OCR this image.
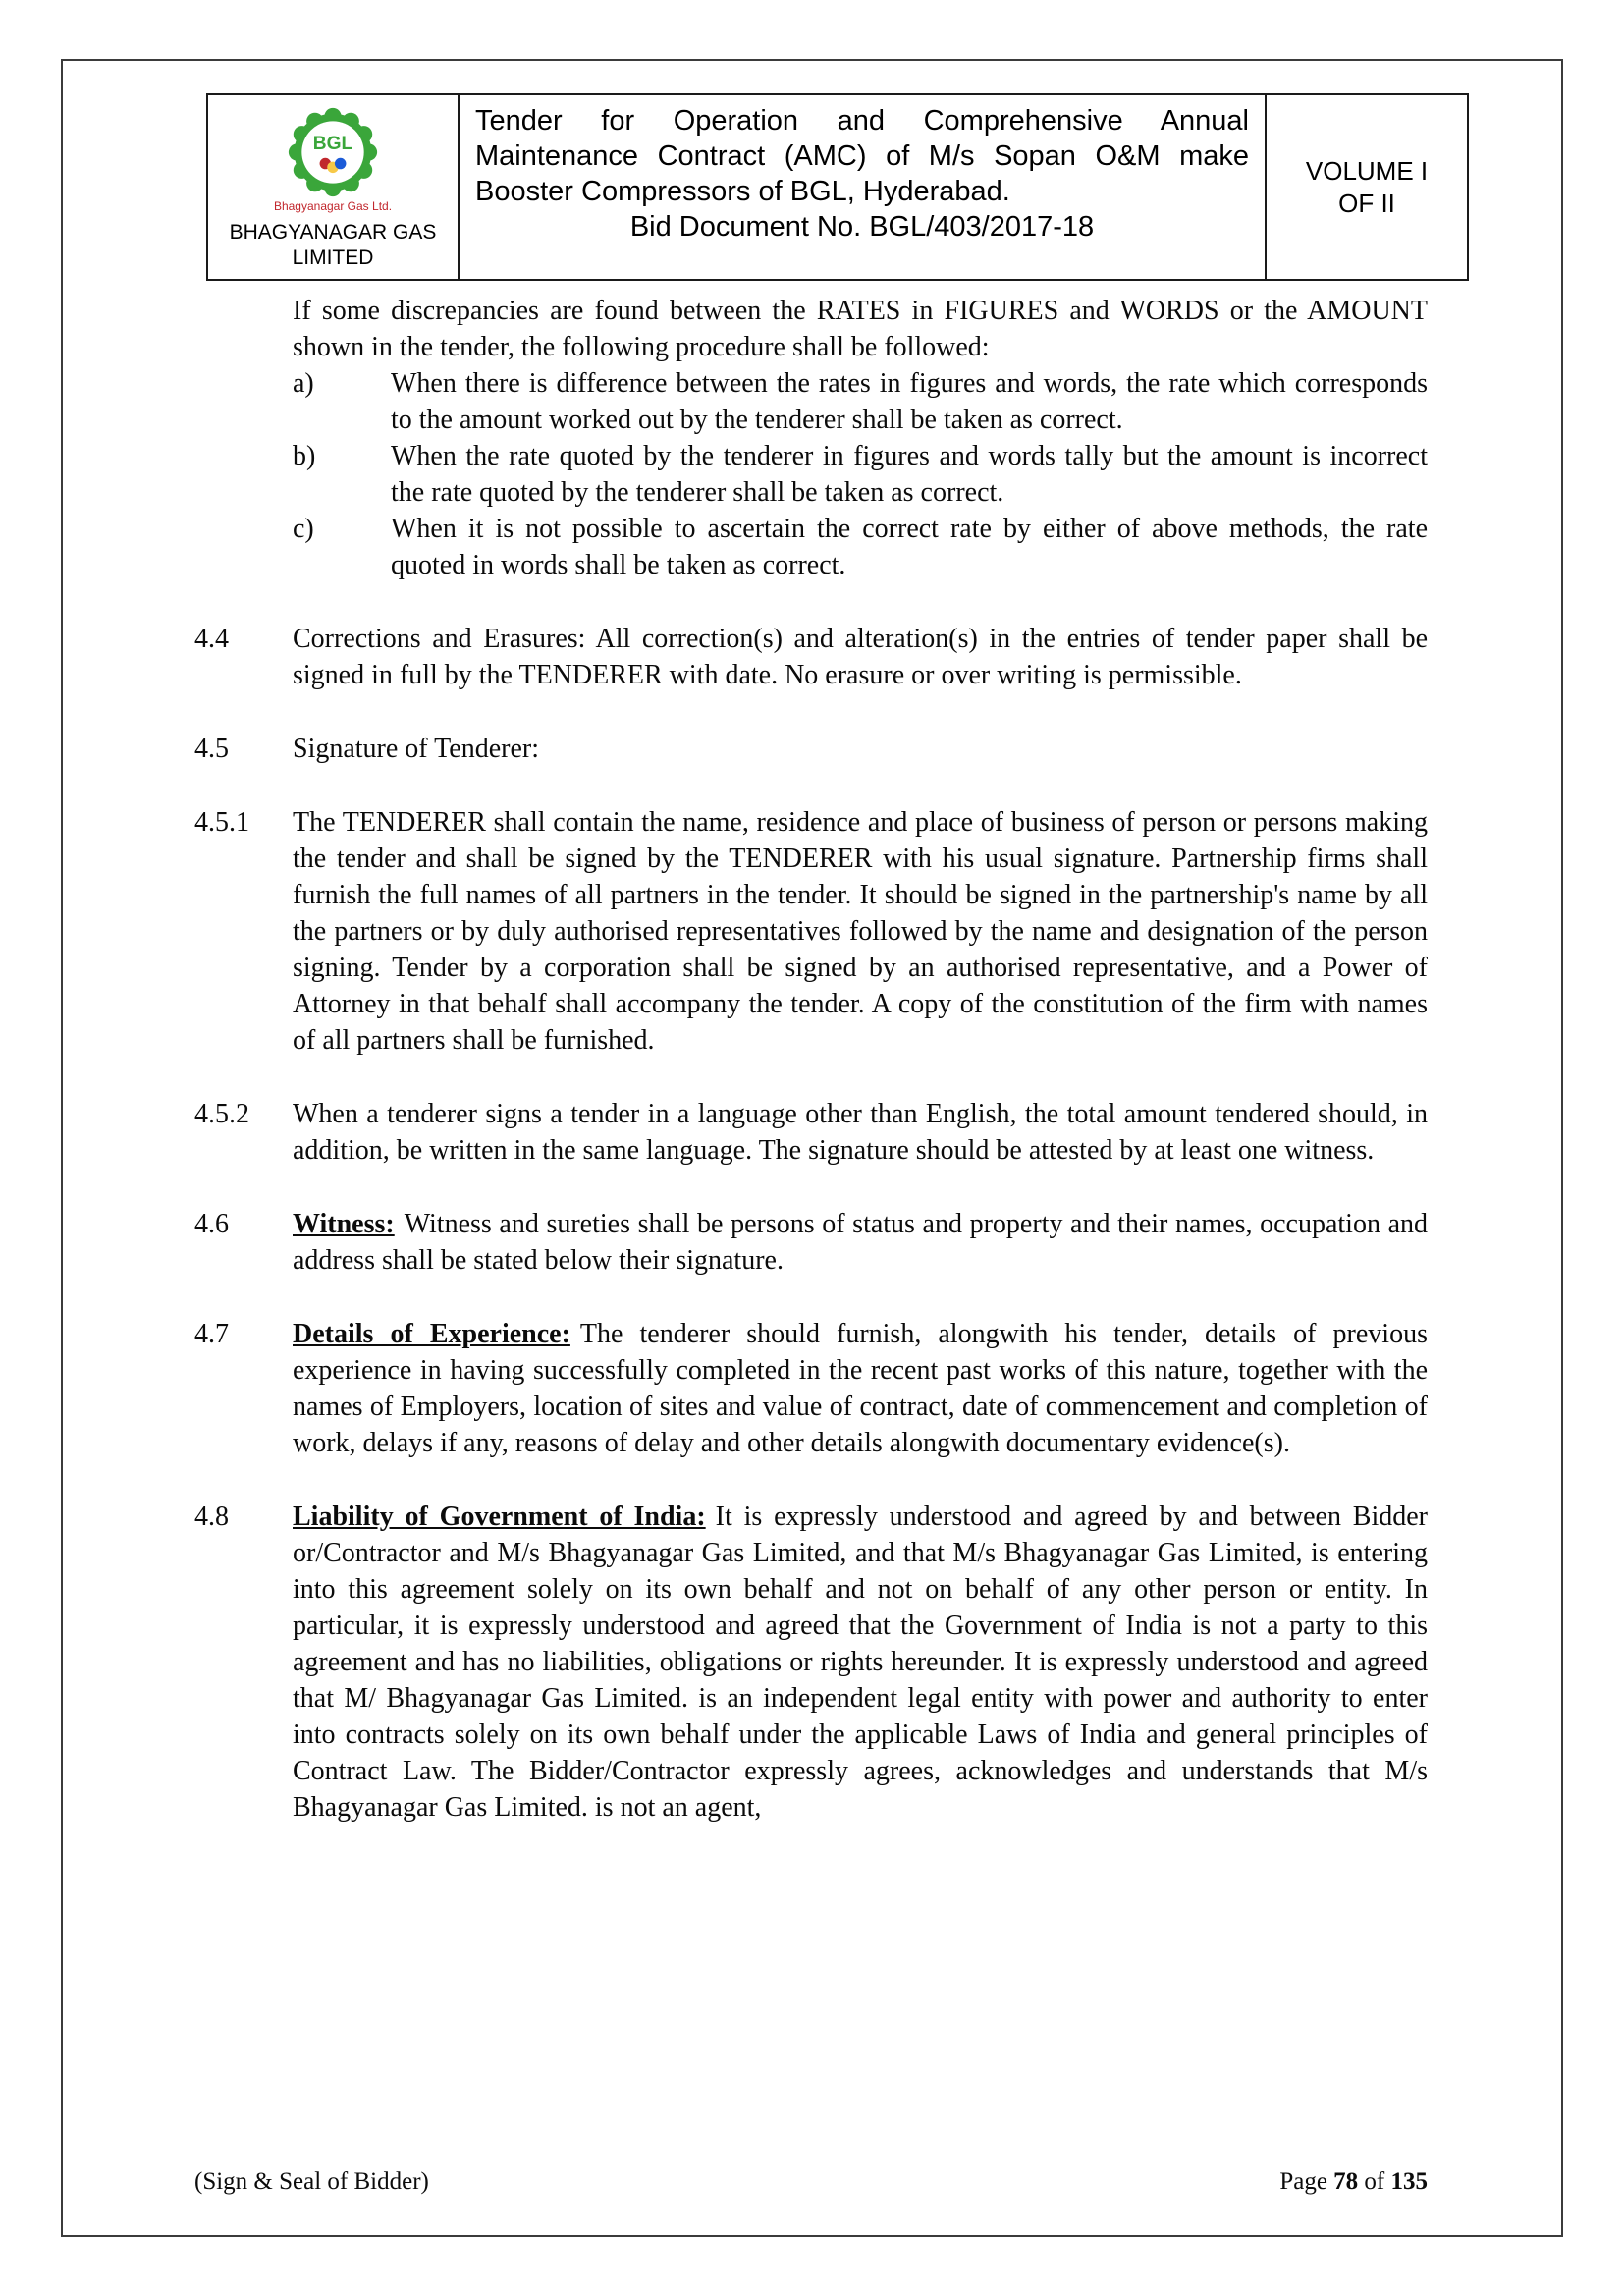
BGL
Bhagyanagar Gas Ltd.
BHAGYANAGAR GAS LIMITED
Tender for Operation and Comprehensive Annual Maintenance Contract (AMC) of M/s Sopan O&M make Booster Compressors of BGL, Hyderabad.
Bid Document No. BGL/403/2017-18
VOLUME I
OF II
If some discrepancies are found between the RATES in FIGURES and WORDS or the AMOUNT shown in the tender, the following procedure shall be followed:
a)	When there is difference between the rates in figures and words, the rate which corresponds to the amount worked out by the tenderer shall be taken as correct.
b)	When the rate quoted by the tenderer in figures and words tally but the amount is incorrect the rate quoted by the tenderer shall be taken as correct.
c)	When it is not possible to ascertain the correct rate by either of above methods, the rate quoted in words shall be taken as correct.
4.4	Corrections and Erasures: All correction(s) and alteration(s) in the entries of tender paper shall be signed in full by the TENDERER with date. No erasure or over writing is permissible.
4.5	Signature of Tenderer:
4.5.1	The TENDERER shall contain the name, residence and place of business of person or persons making the tender and shall be signed by the TENDERER with his usual signature. Partnership firms shall furnish the full names of all partners in the tender. It should be signed in the partnership's name by all the partners or by duly authorised representatives followed by the name and designation of the person signing. Tender by a corporation shall be signed by an authorised representative, and a Power of Attorney in that behalf shall accompany the tender. A copy of the constitution of the firm with names of all partners shall be furnished.
4.5.2	When a tenderer signs a tender in a language other than English, the total amount tendered should, in addition, be written in the same language. The signature should be attested by at least one witness.
4.6	Witness: Witness and sureties shall be persons of status and property and their names, occupation and address shall be stated below their signature.
4.7	Details of Experience: The tenderer should furnish, alongwith his tender, details of previous experience in having successfully completed in the recent past works of this nature, together with the names of Employers, location of sites and value of contract, date of commencement and completion of work, delays if any, reasons of delay and other details alongwith documentary evidence(s).
4.8	Liability of Government of India: It is expressly understood and agreed by and between Bidder or/Contractor and M/s Bhagyanagar Gas Limited, and that M/s Bhagyanagar Gas Limited, is entering into this agreement solely on its own behalf and not on behalf of any other person or entity. In particular, it is expressly understood and agreed that the Government of India is not a party to this agreement and has no liabilities, obligations or rights hereunder. It is expressly understood and agreed that M/ Bhagyanagar Gas Limited. is an independent legal entity with power and authority to enter into contracts solely on its own behalf under the applicable Laws of India and general principles of Contract Law. The Bidder/Contractor expressly agrees, acknowledges and understands that M/s Bhagyanagar Gas Limited. is not an agent,
(Sign & Seal of Bidder)	Page 78 of 135
